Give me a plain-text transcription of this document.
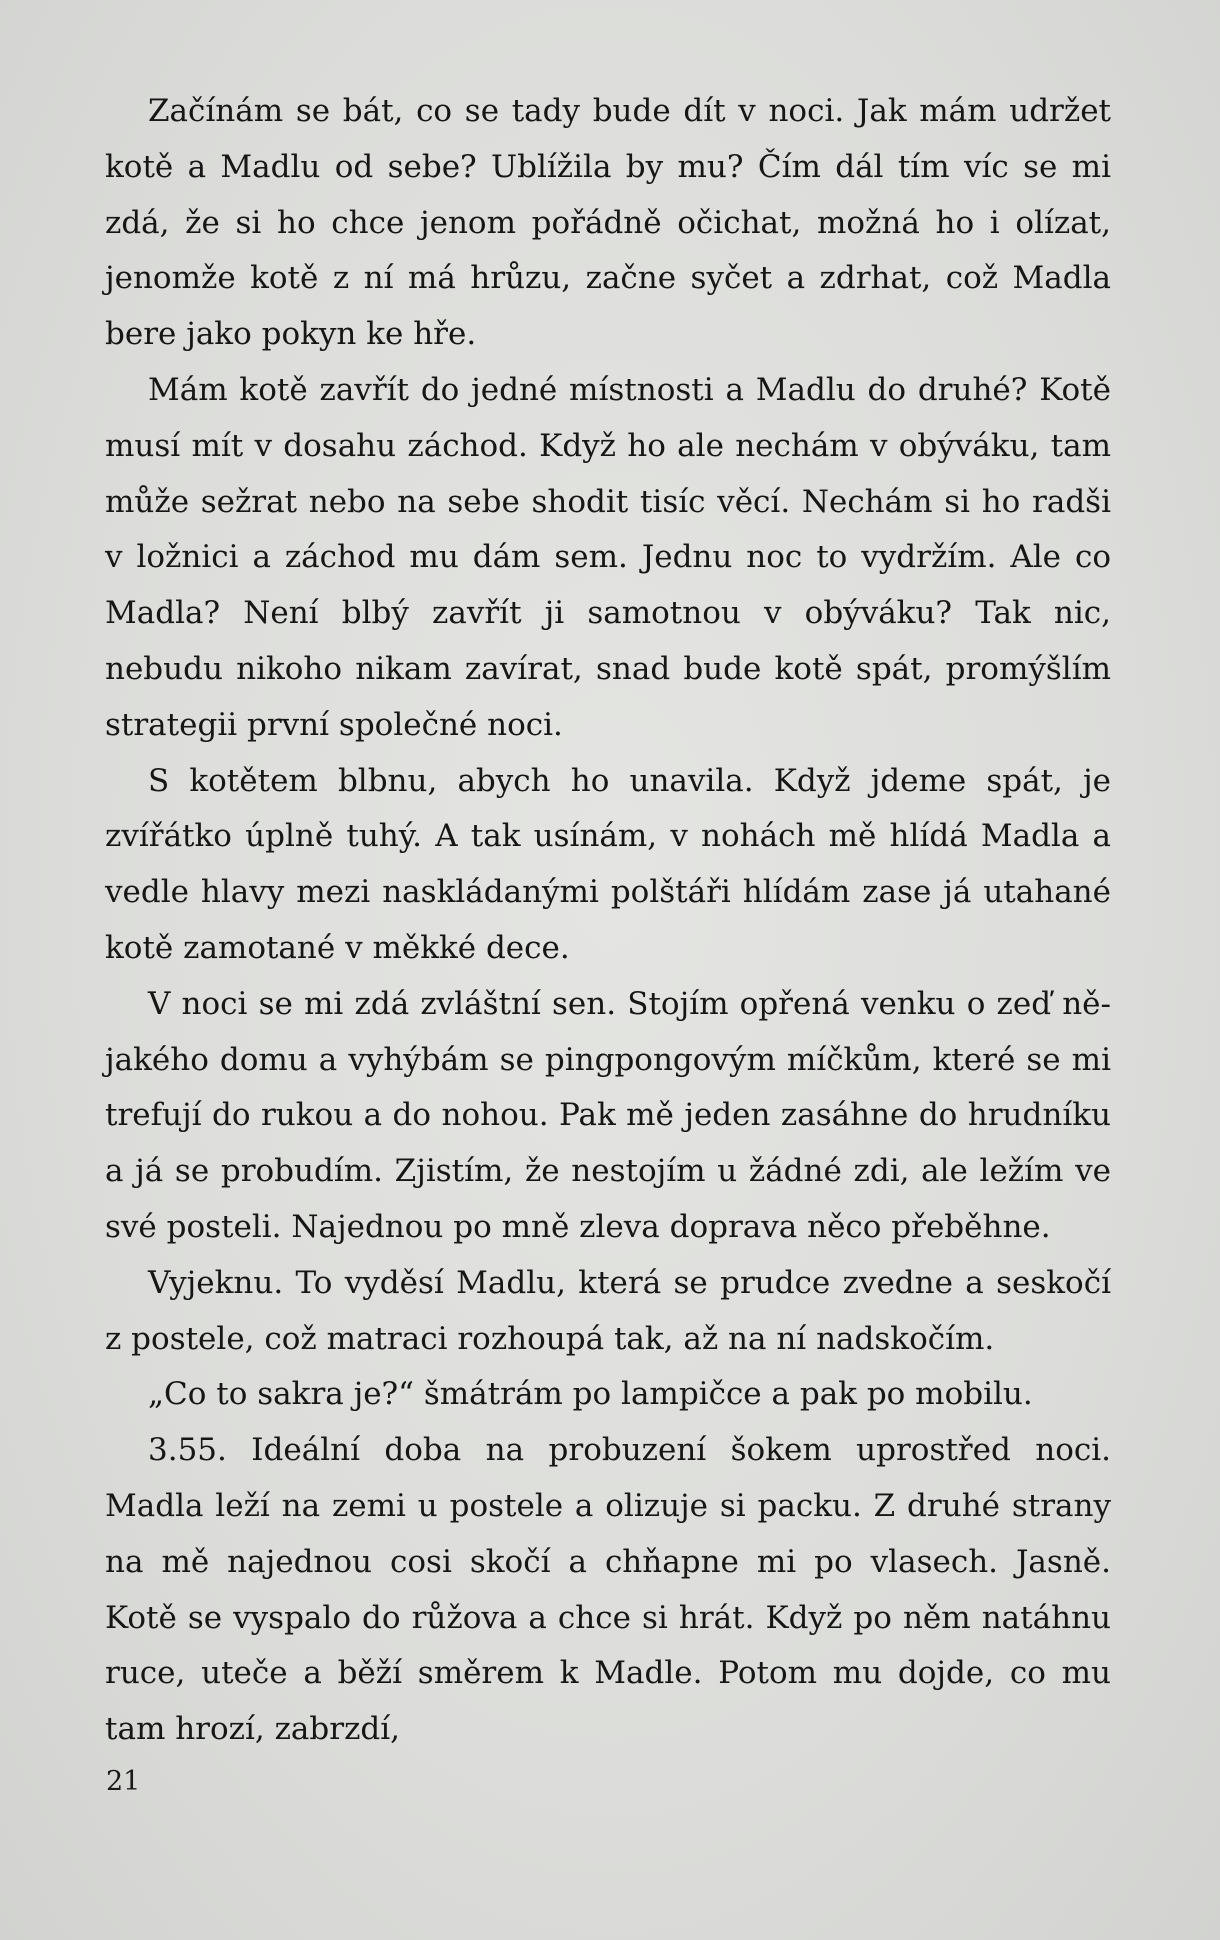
Začínám se bát, co se tady bude dít v noci. Jak mám udržet kotě a Madlu od sebe? Ublížila by mu? Čím dál tím víc se mi zdá, že si ho chce jenom pořádně očichat, možná ho i olízat, jenomže kotě z ní má hrůzu, začne syčet a zdrhat, což Madla bere jako pokyn ke hře.

Mám kotě zavřít do jedné místnosti a Madlu do druhé? Kotě musí mít v dosahu záchod. Když ho ale nechám v obýváku, tam může sežrat nebo na sebe shodit tisíc věcí. Nechám si ho radši v ložnici a záchod mu dám sem. Jednu noc to vydržím. Ale co Madla? Není blbý zavřít ji samotnou v obýváku? Tak nic, nebudu nikoho nikam zavírat, snad bude kotě spát, promýšlím strategii první společné noci.

S kotětem blbnu, abych ho unavila. Když jdeme spát, je zvířátko úplně tuhý. A tak usínám, v nohách mě hlídá Madla a vedle hlavy mezi naskládanými polštáři hlídám zase já utahané kotě zamotané v měkké dece.

V noci se mi zdá zvláštní sen. Stojím opřená venku o zeď nějakého domu a vyhýbám se pingpongovým míčkům, které se mi trefují do rukou a do nohou. Pak mě jeden zasáhne do hrudníku a já se probudím. Zjistím, že nestojím u žádné zdi, ale ležím ve své posteli. Najednou po mně zleva doprava něco přeběhne.

Vyjeknu. To vyděsí Madlu, která se prudce zvedne a seskočí z postele, což matraci rozhoupá tak, až na ní nadskočím.

„Co to sakra je?“ šmátrám po lampičce a pak po mobilu.

3.55. Ideální doba na probuzení šokem uprostřed noci. Madla leží na zemi u postele a olizuje si packu. Z druhé strany na mě najednou cosi skočí a chňapne mi po vlasech. Jasně. Kotě se vyspalo do růžova a chce si hrát. Když po něm natáhnu ruce, uteče a běží směrem k Madle. Potom mu dojde, co mu tam hrozí, zabrzdí,

21
